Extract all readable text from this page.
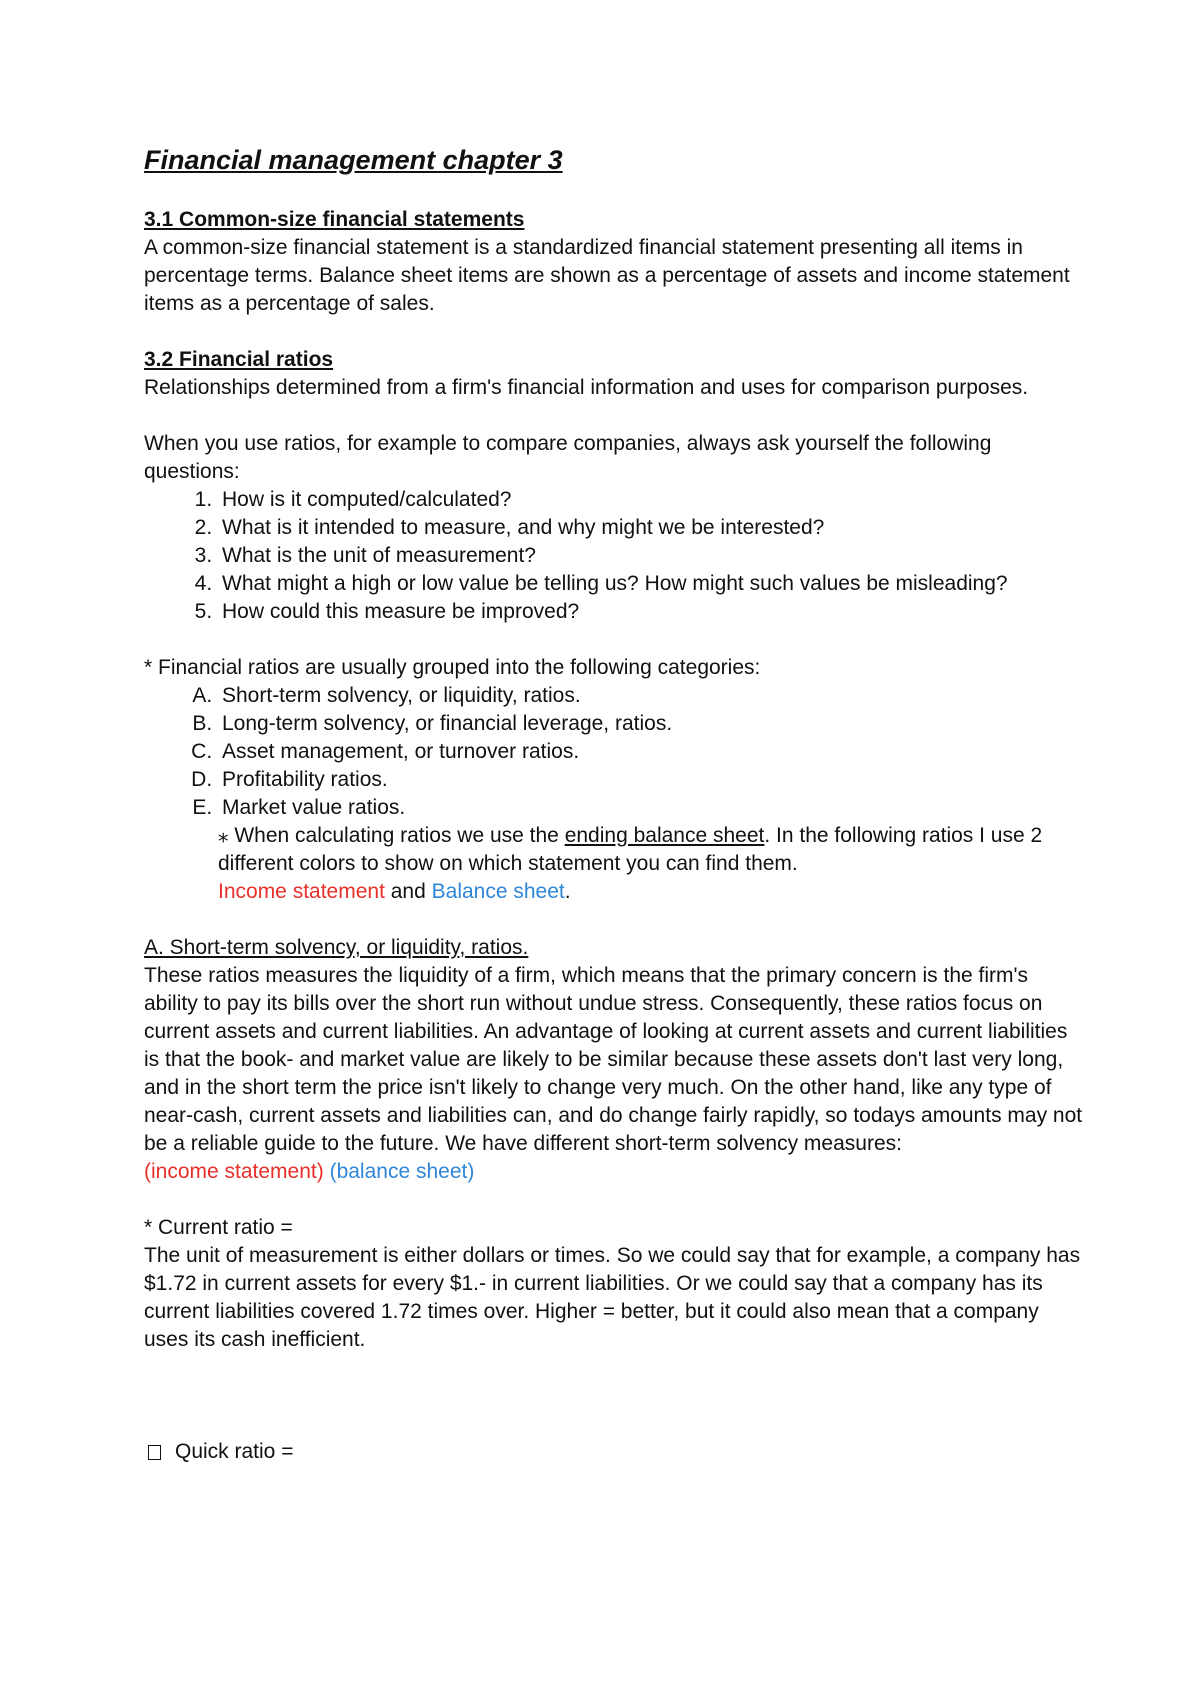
Financial management chapter 3
3.1 Common-size financial statements

A common-size financial statement is a standardized financial statement presenting all items in percentage terms. Balance sheet items are shown as a percentage of assets and income statement items as a percentage of sales.

3.2 Financial ratios

Relationships determined from a firm's financial information and uses for comparison purposes.

When you use ratios, for example to compare companies, always ask yourself the following questions:

1. How is it computed/calculated?
2. What is it intended to measure, and why might we be interested?
3. What is the unit of measurement?
4. What might a high or low value be telling us? How might such values be misleading?
5. How could this measure be improved?

* Financial ratios are usually grouped into the following categories:

A. Short-term solvency, or liquidity, ratios.
B. Long-term solvency, or financial leverage, ratios.
C. Asset management, or turnover ratios.
D. Profitability ratios.
E. Market value ratios.
⁎ When calculating ratios we use the ending balance sheet. In the following ratios I use 2 different colors to show on which statement you can find them.
Income statement and Balance sheet.
A. Short-term solvency, or liquidity, ratios.

These ratios measures the liquidity of a firm, which means that the primary concern is the firm's ability to pay its bills over the short run without undue stress. Consequently, these ratios focus on current assets and current liabilities. An advantage of looking at current assets and current liabilities is that the book- and market value are likely to be similar because these assets don't last very long, and in the short term the price isn't likely to change very much. On the other hand, like any type of near-cash, current assets and liabilities can, and do change fairly rapidly, so todays amounts may not be a reliable guide to the future. We have different short-term solvency measures:
(income statement) (balance sheet)

* Current ratio =

The unit of measurement is either dollars or times. So we could say that for example, a company has $1.72 in current assets for every $1.- in current liabilities. Or we could say that a company has its current liabilities covered 1.72 times over. Higher = better, but it could also mean that a company uses its cash inefficient.

Quick ratio =
